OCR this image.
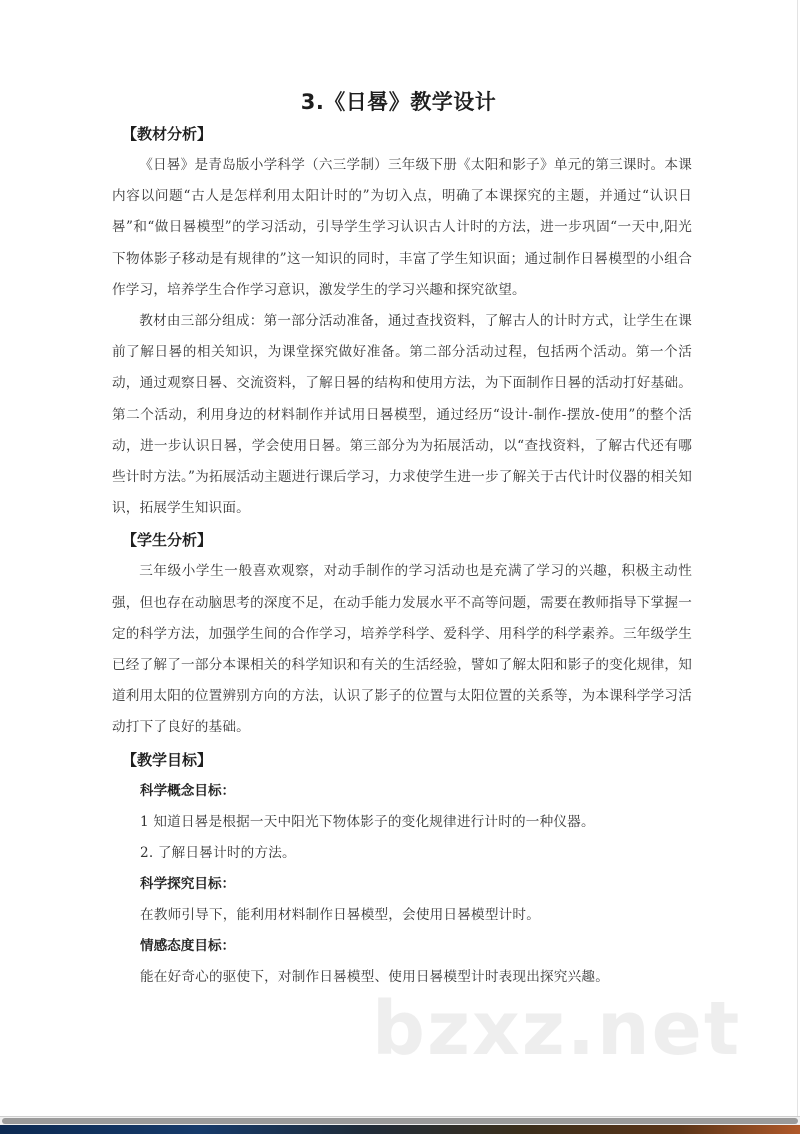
3.《日晷》教学设计
【教材分析】

《日晷》是青岛版小学科学（六三学制）三年级下册《太阳和影子》单元的第三课时。本课内容以问题“古人是怎样利用太阳计时的”为切入点，明确了本课探究的主题，并通过“认识日晷”和“做日晷模型”的学习活动，引导学生学习认识古人计时的方法，进一步巩固“一天中,阳光下物体影子移动是有规律的”这一知识的同时，丰富了学生知识面；通过制作日晷模型的小组合作学习，培养学生合作学习意识，激发学生的学习兴趣和探究欲望。

教材由三部分组成：第一部分活动准备，通过查找资料，了解古人的计时方式，让学生在课前了解日晷的相关知识，为课堂探究做好准备。第二部分活动过程，包括两个活动。第一个活动，通过观察日晷、交流资料，了解日晷的结构和使用方法，为下面制作日晷的活动打好基础。第二个活动，利用身边的材料制作并试用日晷模型，通过经历“设计-制作-摆放-使用”的整个活动，进一步认识日晷，学会使用日晷。第三部分为为拓展活动，以“查找资料，了解古代还有哪些计时方法。”为拓展活动主题进行课后学习，力求使学生进一步了解关于古代计时仪器的相关知识，拓展学生知识面。

【学生分析】

三年级小学生一般喜欢观察，对动手制作的学习活动也是充满了学习的兴趣，积极主动性强，但也存在动脑思考的深度不足，在动手能力发展水平不高等问题，需要在教师指导下掌握一定的科学方法，加强学生间的合作学习，培养学科学、爱科学、用科学的科学素养。三年级学生已经了解了一部分本课相关的科学知识和有关的生活经验，譬如了解太阳和影子的变化规律，知道利用太阳的位置辨别方向的方法，认识了影子的位置与太阳位置的关系等，为本课科学学习活动打下了良好的基础。

【教学目标】
科学概念目标：
1 知道日晷是根据一天中阳光下物体影子的变化规律进行计时的一种仪器。
2. 了解日晷计时的方法。
科学探究目标：
在教师引导下，能利用材料制作日晷模型，会使用日晷模型计时。
情感态度目标：
能在好奇心的驱使下，对制作日晷模型、使用日晷模型计时表现出探究兴趣。
bzxz.net
